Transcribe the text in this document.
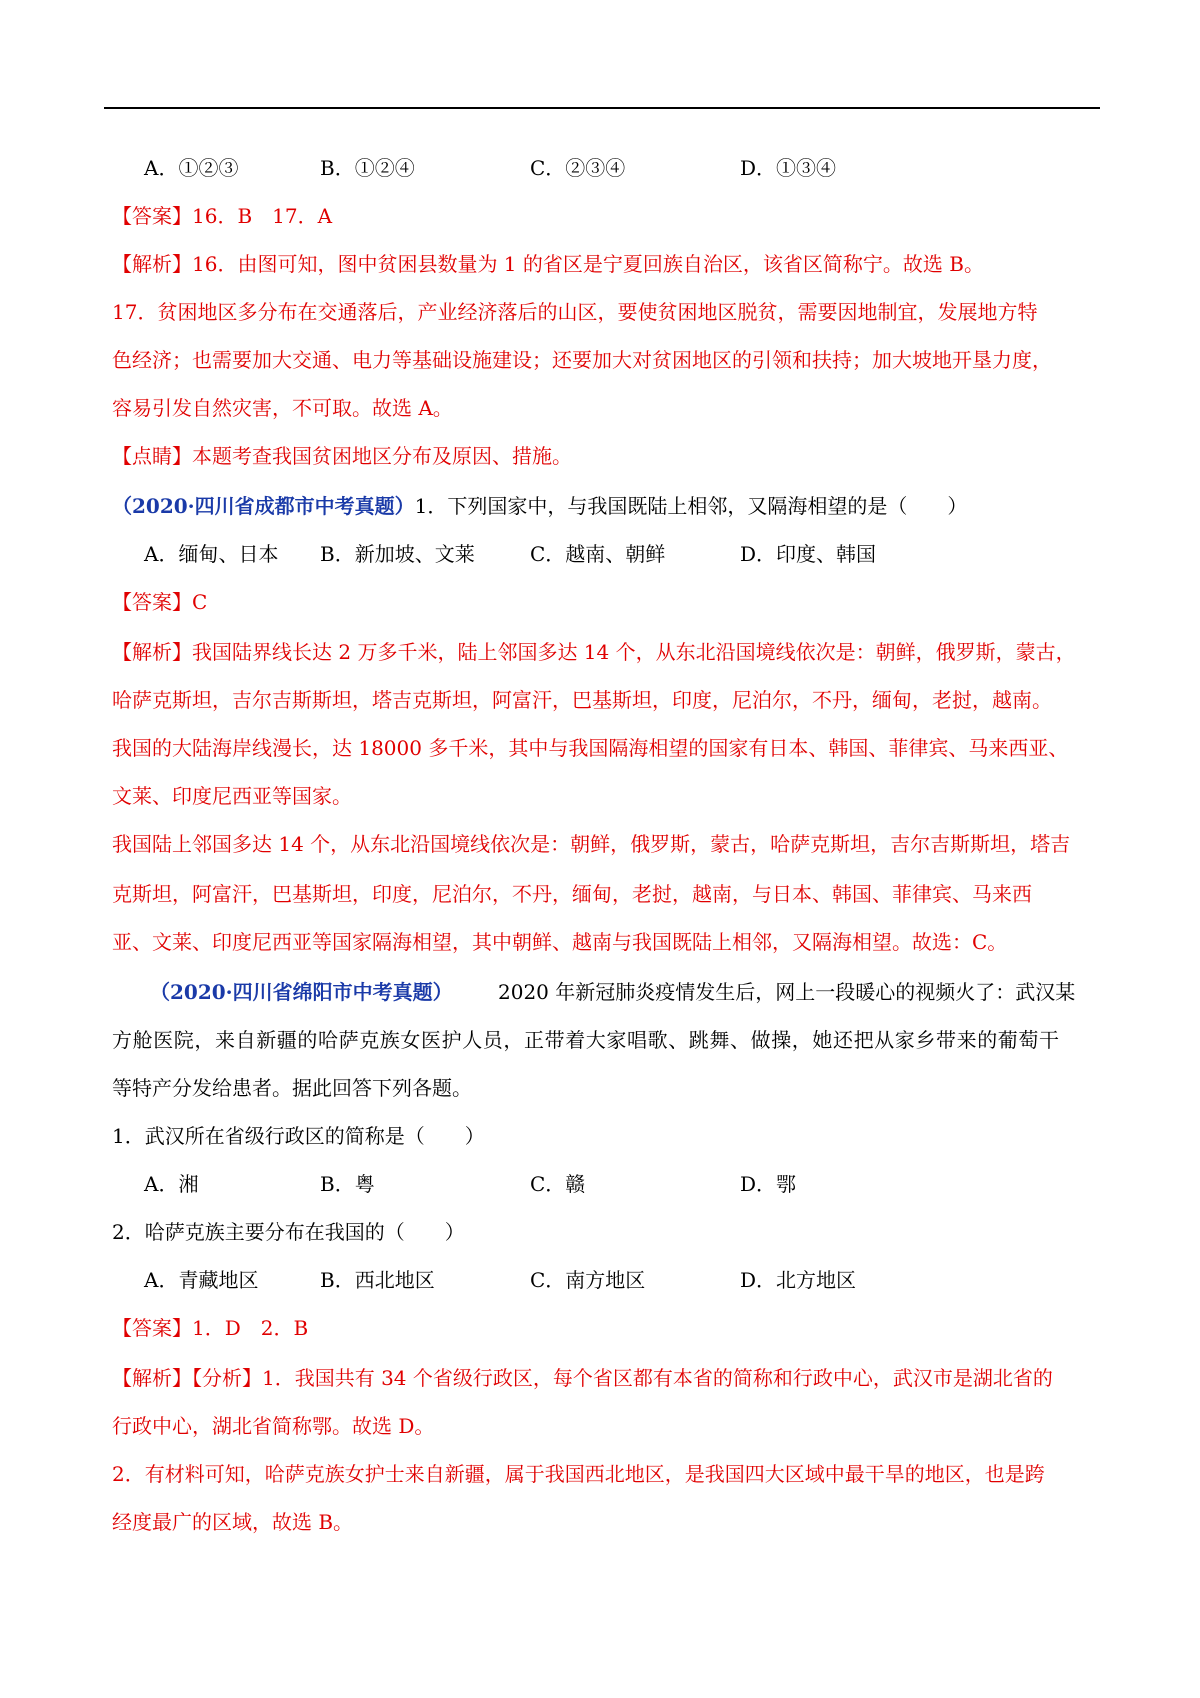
A．①②③	B．①②④	C．②③④	D．①③④
【答案】16．B　17．A
【解析】16．由图可知，图中贫困县数量为 1 的省区是宁夏回族自治区，该省区简称宁。故选 B。
17．贫困地区多分布在交通落后，产业经济落后的山区，要使贫困地区脱贫，需要因地制宜，发展地方特
色经济；也需要加大交通、电力等基础设施建设；还要加大对贫困地区的引领和扶持；加大坡地开垦力度，
容易引发自然灾害，不可取。故选 A。
【点睛】本题考查我国贫困地区分布及原因、措施。
（2020·四川省成都市中考真题）1．下列国家中，与我国既陆上相邻，又隔海相望的是（　　）
A．缅甸、日本 B．新加坡、文莱	C．越南、朝鲜	D．印度、韩国
【答案】C
【解析】我国陆界线长达 2 万多千米，陆上邻国多达 14 个，从东北沿国境线依次是：朝鲜，俄罗斯，蒙古，
哈萨克斯坦，吉尔吉斯斯坦，塔吉克斯坦，阿富汗，巴基斯坦，印度，尼泊尔，不丹，缅甸，老挝，越南。
我国的大陆海岸线漫长，达 18000 多千米，其中与我国隔海相望的国家有日本、韩国、菲律宾、马来西亚、
文莱、印度尼西亚等国家。
我国陆上邻国多达 14 个，从东北沿国境线依次是：朝鲜，俄罗斯，蒙古，哈萨克斯坦，吉尔吉斯斯坦，塔吉
克斯坦，阿富汗，巴基斯坦，印度，尼泊尔，不丹，缅甸，老挝，越南，与日本、韩国、菲律宾、马来西
亚、文莱、印度尼西亚等国家隔海相望，其中朝鲜、越南与我国既陆上相邻，又隔海相望。故选：C。
（2020·四川省绵阳市中考真题） 2020 年新冠肺炎疫情发生后，网上一段暖心的视频火了：武汉某
方舱医院，来自新疆的哈萨克族女医护人员，正带着大家唱歌、跳舞、做操，她还把从家乡带来的葡萄干
等特产分发给患者。据此回答下列各题。
1．武汉所在省级行政区的简称是（　　）
A．湘	B．粤	C．赣	D．鄂
2．哈萨克族主要分布在我国的（　　）
A．青藏地区	B．西北地区	C．南方地区	D．北方地区
【答案】1．D　2．B
【解析】【分析】1．我国共有 34 个省级行政区，每个省区都有本省的简称和行政中心，武汉市是湖北省的
行政中心，湖北省简称鄂。故选 D。
2．有材料可知，哈萨克族女护士来自新疆，属于我国西北地区，是我国四大区域中最干旱的地区，也是跨
经度最广的区域，故选 B。
